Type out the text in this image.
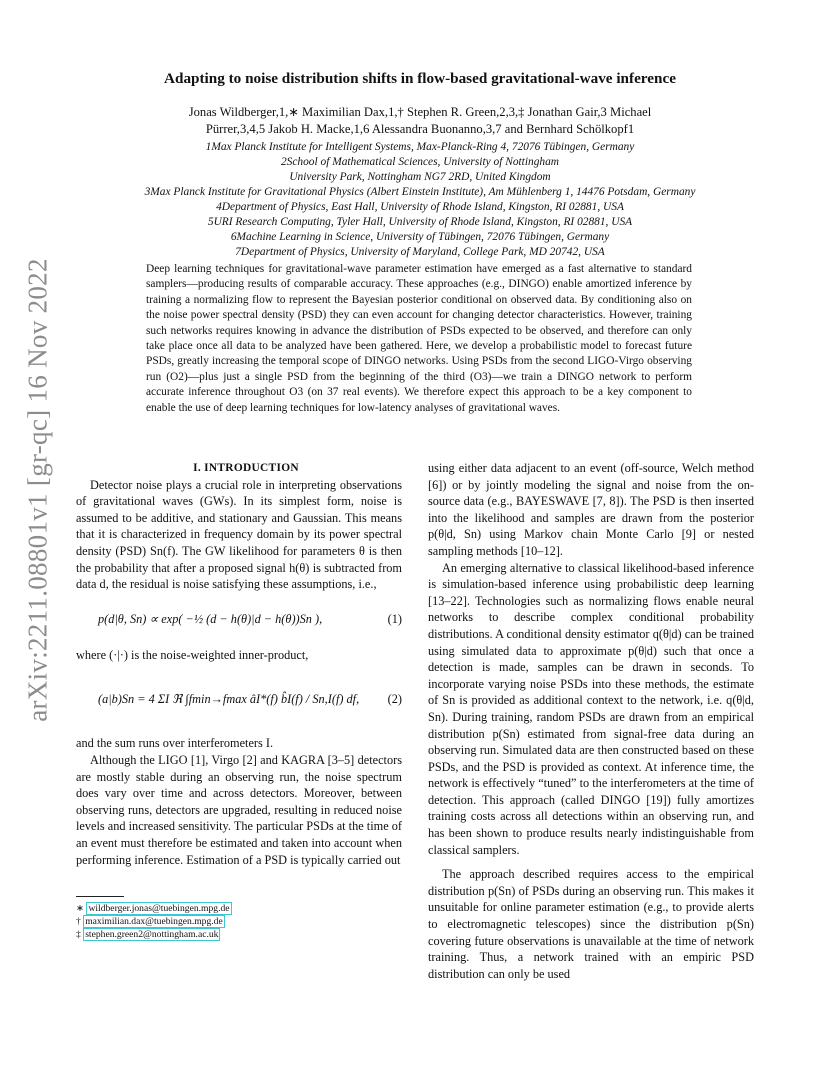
arXiv:2211.08801v1 [gr-qc] 16 Nov 2022
Adapting to noise distribution shifts in flow-based gravitational-wave inference
Jonas Wildberger,1,∗ Maximilian Dax,1,† Stephen R. Green,2,3,‡ Jonathan Gair,3 Michael
Pürrer,3,4,5 Jakob H. Macke,1,6 Alessandra Buonanno,3,7 and Bernhard Schölkopf1
1Max Planck Institute for Intelligent Systems, Max-Planck-Ring 4, 72076 Tübingen, Germany
2School of Mathematical Sciences, University of Nottingham
University Park, Nottingham NG7 2RD, United Kingdom
3Max Planck Institute for Gravitational Physics (Albert Einstein Institute), Am Mühlenberg 1, 14476 Potsdam, Germany
4Department of Physics, East Hall, University of Rhode Island, Kingston, RI 02881, USA
5URI Research Computing, Tyler Hall, University of Rhode Island, Kingston, RI 02881, USA
6Machine Learning in Science, University of Tübingen, 72076 Tübingen, Germany
7Department of Physics, University of Maryland, College Park, MD 20742, USA
Deep learning techniques for gravitational-wave parameter estimation have emerged as a fast alternative to standard samplers—producing results of comparable accuracy. These approaches (e.g., DINGO) enable amortized inference by training a normalizing flow to represent the Bayesian posterior conditional on observed data. By conditioning also on the noise power spectral density (PSD) they can even account for changing detector characteristics. However, training such networks requires knowing in advance the distribution of PSDs expected to be observed, and therefore can only take place once all data to be analyzed have been gathered. Here, we develop a probabilistic model to forecast future PSDs, greatly increasing the temporal scope of DINGO networks. Using PSDs from the second LIGO-Virgo observing run (O2)—plus just a single PSD from the beginning of the third (O3)—we train a DINGO network to perform accurate inference throughout O3 (on 37 real events). We therefore expect this approach to be a key component to enable the use of deep learning techniques for low-latency analyses of gravitational waves.

I. INTRODUCTION

Detector noise plays a crucial role in interpreting observations of gravitational waves (GWs). In its simplest form, noise is assumed to be additive, and stationary and Gaussian. This means that it is characterized in frequency domain by its power spectral density (PSD) Sn(f). The GW likelihood for parameters θ is then the probability that after a proposed signal h(θ) is subtracted from data d, the residual is noise satisfying these assumptions, i.e.,

p(d|θ, Sn) ∝ exp( −½ (d − h(θ)|d − h(θ))Sn ),	(1)

where (·|·) is the noise-weighted inner-product,

(a|b)Sn = 4 ΣI ℜ ∫fmin→fmax âI*(f) b̂I(f) / Sn,I(f) df, (2)

and the sum runs over interferometers I.

Although the LIGO [1], Virgo [2] and KAGRA [3–5] detectors are mostly stable during an observing run, the noise spectrum does vary over time and across detectors. Moreover, between observing runs, detectors are upgraded, resulting in reduced noise levels and increased sensitivity. The particular PSDs at the time of an event must therefore be estimated and taken into account when performing inference. Estimation of a PSD is typically carried out

∗ wildberger.jonas@tuebingen.mpg.de
† maximilian.dax@tuebingen.mpg.de
‡ stephen.green2@nottingham.ac.uk

using either data adjacent to an event (off-source, Welch method [6]) or by jointly modeling the signal and noise from the on-source data (e.g., BAYESWAVE [7, 8]). The PSD is then inserted into the likelihood and samples are drawn from the posterior p(θ|d, Sn) using Markov chain Monte Carlo [9] or nested sampling methods [10–12].

An emerging alternative to classical likelihood-based inference is simulation-based inference using probabilistic deep learning [13–22]. Technologies such as normalizing flows enable neural networks to describe complex conditional probability distributions. A conditional density estimator q(θ|d) can be trained using simulated data to approximate p(θ|d) such that once a detection is made, samples can be drawn in seconds. To incorporate varying noise PSDs into these methods, the estimate of Sn is provided as additional context to the network, i.e. q(θ|d, Sn). During training, random PSDs are drawn from an empirical distribution p(Sn) estimated from signal-free data during an observing run. Simulated data are then constructed based on these PSDs, and the PSD is provided as context. At inference time, the network is effectively “tuned” to the interferometers at the time of detection. This approach (called DINGO [19]) fully amortizes training costs across all detections within an observing run, and has been shown to produce results nearly indistinguishable from classical samplers.

The approach described requires access to the empirical distribution p(Sn) of PSDs during an observing run. This makes it unsuitable for online parameter estimation (e.g., to provide alerts to electromagnetic telescopes) since the distribution p(Sn) covering future observations is unavailable at the time of network training. Thus, a network trained with an empiric PSD distribution can only be used
